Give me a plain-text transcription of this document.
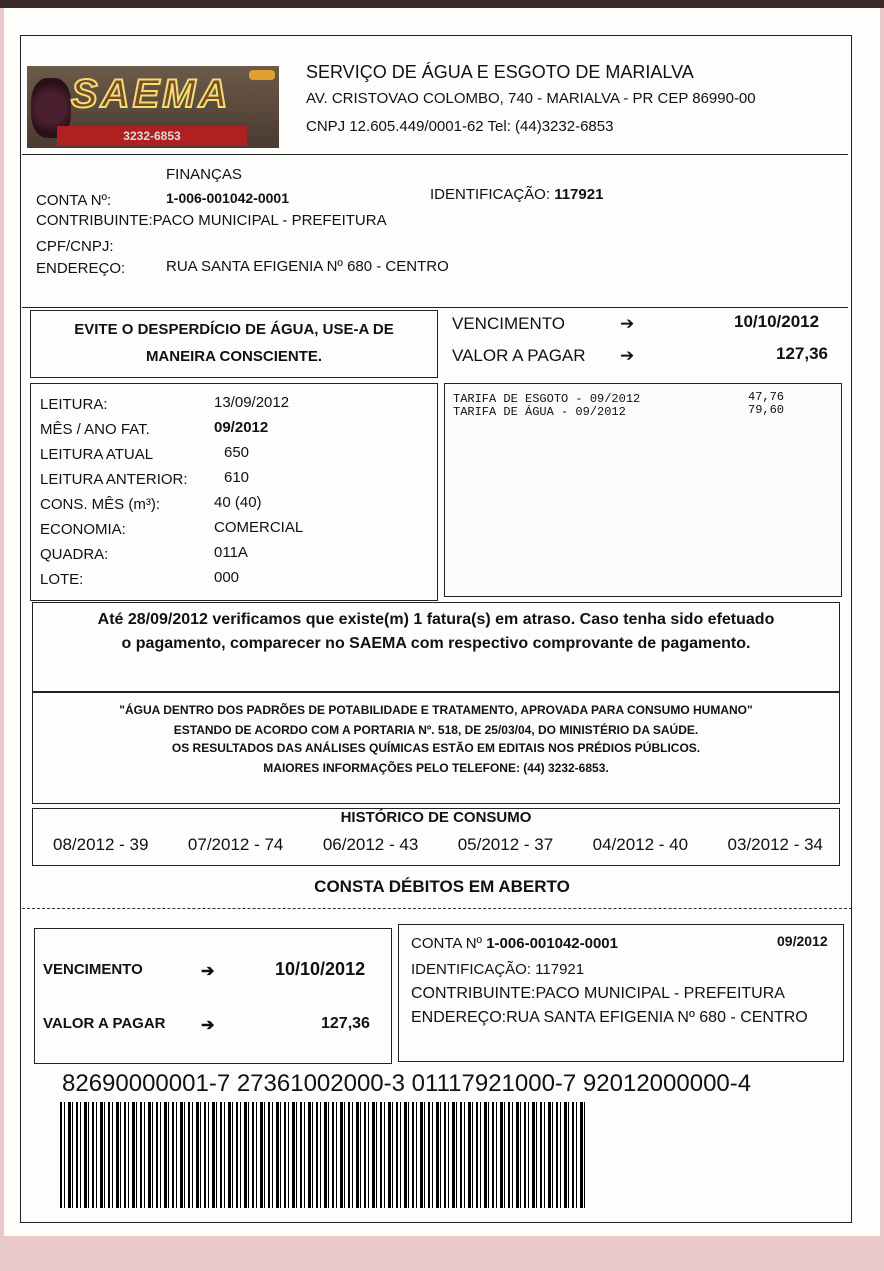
SAEMA
3232-6853
SERVIÇO DE ÁGUA E ESGOTO DE MARIALVA
AV. CRISTOVAO COLOMBO, 740 - MARIALVA - PR CEP 86990-00
CNPJ 12.605.449/0001-62 Tel: (44)3232-6853
FINANÇAS
CONTA Nº:	1-006-001042-0001	IDENTIFICAÇÃO: 117921
CONTRIBUINTE:PACO MUNICIPAL - PREFEITURA
CPF/CNPJ:
ENDEREÇO:	RUA SANTA EFIGENIA Nº 680 - CENTRO
EVITE O DESPERDÍCIO DE ÁGUA, USE-A DE
MANEIRA CONSCIENTE.
VENCIMENTO	➔	10/10/2012
VALOR A PAGAR ➔	127,36
Até 28/09/2012 verificamos que existe(m) 1 fatura(s) em atraso. Caso tenha sido efetuado
o pagamento, comparecer no SAEMA com respectivo comprovante de pagamento.
"ÁGUA DENTRO DOS PADRÕES DE POTABILIDADE E TRATAMENTO, APROVADA PARA CONSUMO HUMANO"
ESTANDO DE ACORDO COM A PORTARIA Nº. 518, DE 25/03/04, DO MINISTÉRIO DA SAÚDE.
OS RESULTADOS DAS ANÁLISES QUÍMICAS ESTÃO EM EDITAIS NOS PRÉDIOS PÚBLICOS.
MAIORES INFORMAÇÕES PELO TELEFONE: (44) 3232-6853.
HISTÓRICO DE CONSUMO
08/2012 - 39 07/2012 - 74 06/2012 - 43 05/2012 - 37 04/2012 - 40 03/2012 - 34
CONSTA DÉBITOS EM ABERTO
VENCIMENTO	➔	10/10/2012
VALOR A PAGAR ➔	127,36
CONTA Nº 1-006-001042-0001	09/2012
IDENTIFICAÇÃO: 117921
CONTRIBUINTE:PACO MUNICIPAL - PREFEITURA
ENDEREÇO:RUA SANTA EFIGENIA Nº 680 - CENTRO
82690000001-7 27361002000-3 01117921000-7 92012000000-4
LEITURA:	13/09/2012
MÊS / ANO FAT.	09/2012
LEITURA ATUAL	650
LEITURA ANTERIOR: 610
CONS. MÊS (m³):	40 (40)
ECONOMIA:	COMERCIAL
QUADRA:	011A
LOTE:	000
TARIFA DE ESGOTO - 09/2012	47,76
TARIFA DE ÁGUA - 09/2012	79,60
